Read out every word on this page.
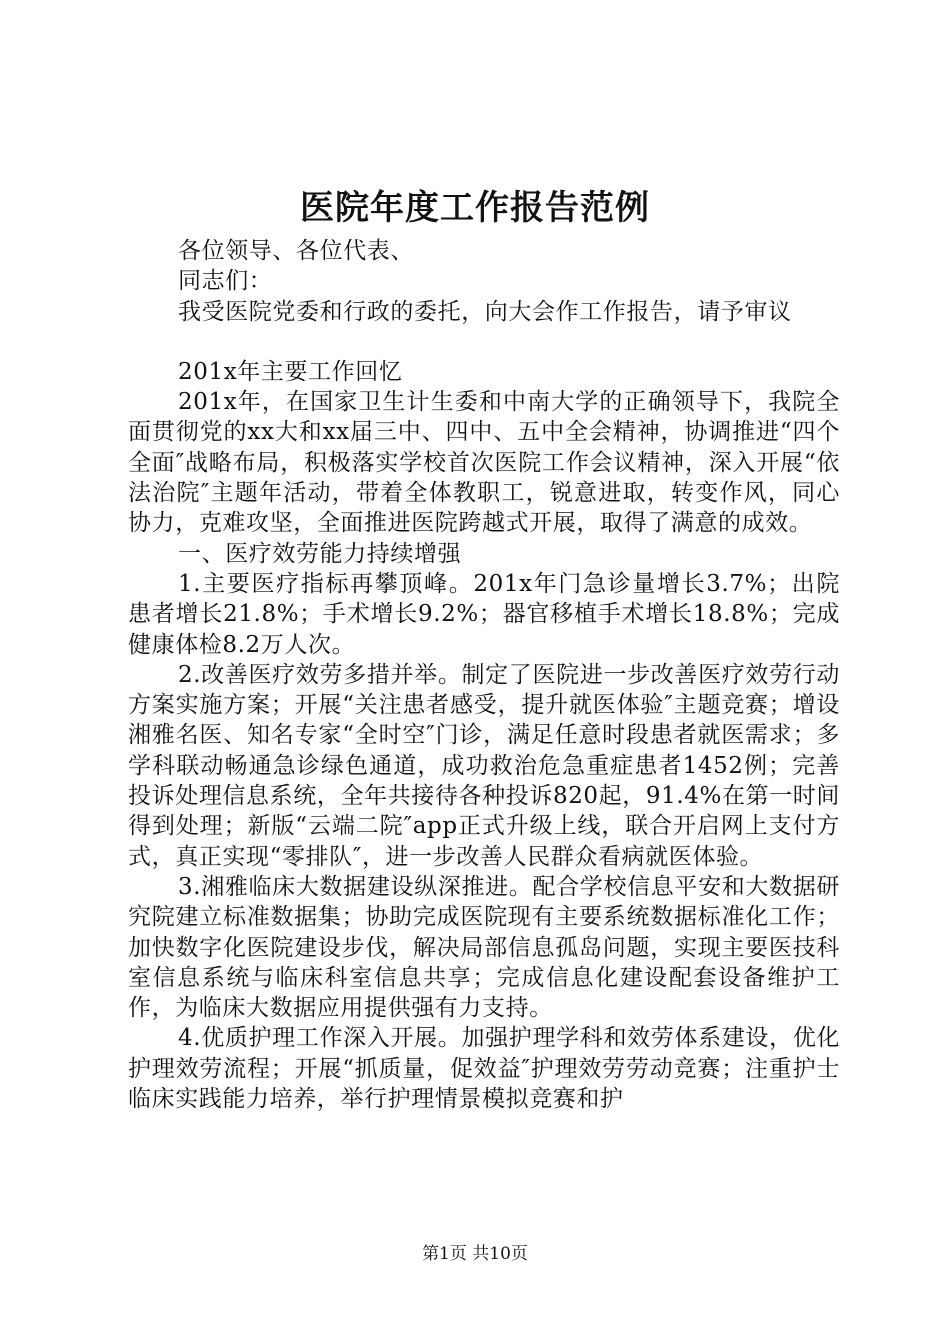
医院年度工作报告范例

各位领导、各位代表、

同志们：

我受医院党委和行政的委托，向大会作工作报告，请予审议

201x年主要工作回忆

201x年，在国家卫生计生委和中南大学的正确领导下，我院全面贯彻党的xx大和xx届三中、四中、五中全会精神，协调推进“四个全面″战略布局，积极落实学校首次医院工作会议精神，深入开展“依法治院″主题年活动，带着全体教职工，锐意进取，转变作风，同心协力，克难攻坚，全面推进医院跨越式开展，取得了满意的成效。

一、医疗效劳能力持续增强

1.主要医疗指标再攀顶峰。201x年门急诊量增长3.7%；出院患者增长21.8%；手术增长9.2%；器官移植手术增长18.8%；完成健康体检8.2万人次。

2.改善医疗效劳多措并举。制定了医院进一步改善医疗效劳行动方案实施方案；开展“关注患者感受，提升就医体验″主题竞赛；增设湘雅名医、知名专家“全时空″门诊，满足任意时段患者就医需求；多学科联动畅通急诊绿色通道，成功救治危急重症患者1452例；完善投诉处理信息系统，全年共接待各种投诉820起，91.4%在第一时间得到处理；新版“云端二院″app正式升级上线，联合开启网上支付方式，真正实现“零排队″，进一步改善人民群众看病就医体验。

3.湘雅临床大数据建设纵深推进。配合学校信息平安和大数据研究院建立标准数据集；协助完成医院现有主要系统数据标准化工作；加快数字化医院建设步伐，解决局部信息孤岛问题，实现主要医技科室信息系统与临床科室信息共享；完成信息化建设配套设备维护工作，为临床大数据应用提供强有力支持。

4.优质护理工作深入开展。加强护理学科和效劳体系建设，优化护理效劳流程；开展“抓质量，促效益″护理效劳劳动竞赛；注重护士临床实践能力培养，举行护理情景模拟竞赛和护

第1页 共10页
